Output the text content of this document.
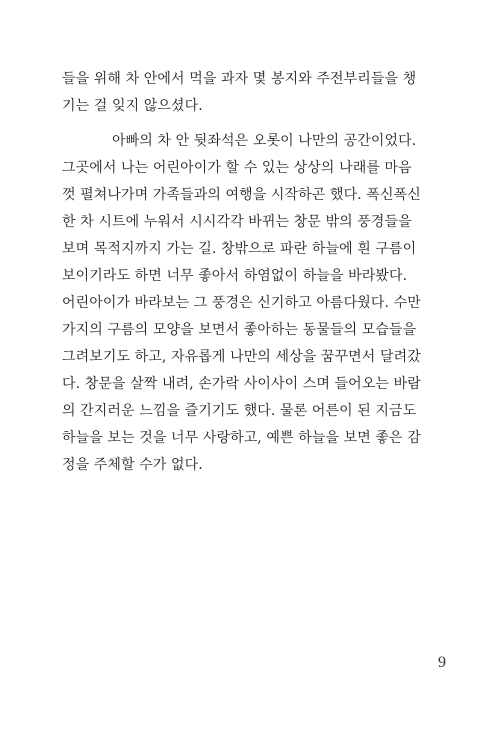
들을 위해 차 안에서 먹을 과자 몇 봉지와 주전부리들을 챙
기는 걸 잊지 않으셨다.
아빠의 차 안 뒷좌석은 오롯이 나만의 공간이었다.
그곳에서 나는 어린아이가 할 수 있는 상상의 나래를 마음
껏 펼쳐나가며 가족들과의 여행을 시작하곤 했다. 폭신폭신
한 차 시트에 누워서 시시각각 바뀌는 창문 밖의 풍경들을
보며 목적지까지 가는 길. 창밖으로 파란 하늘에 흰 구름이
보이기라도 하면 너무 좋아서 하염없이 하늘을 바라봤다.
어린아이가 바라보는 그 풍경은 신기하고 아름다웠다. 수만
가지의 구름의 모양을 보면서 좋아하는 동물들의 모습들을
그려보기도 하고, 자유롭게 나만의 세상을 꿈꾸면서 달려갔
다. 창문을 살짝 내려, 손가락 사이사이 스며 들어오는 바람
의 간지러운 느낌을 즐기기도 했다. 물론 어른이 된 지금도
하늘을 보는 것을 너무 사랑하고, 예쁜 하늘을 보면 좋은 감
정을 주체할 수가 없다.
9
